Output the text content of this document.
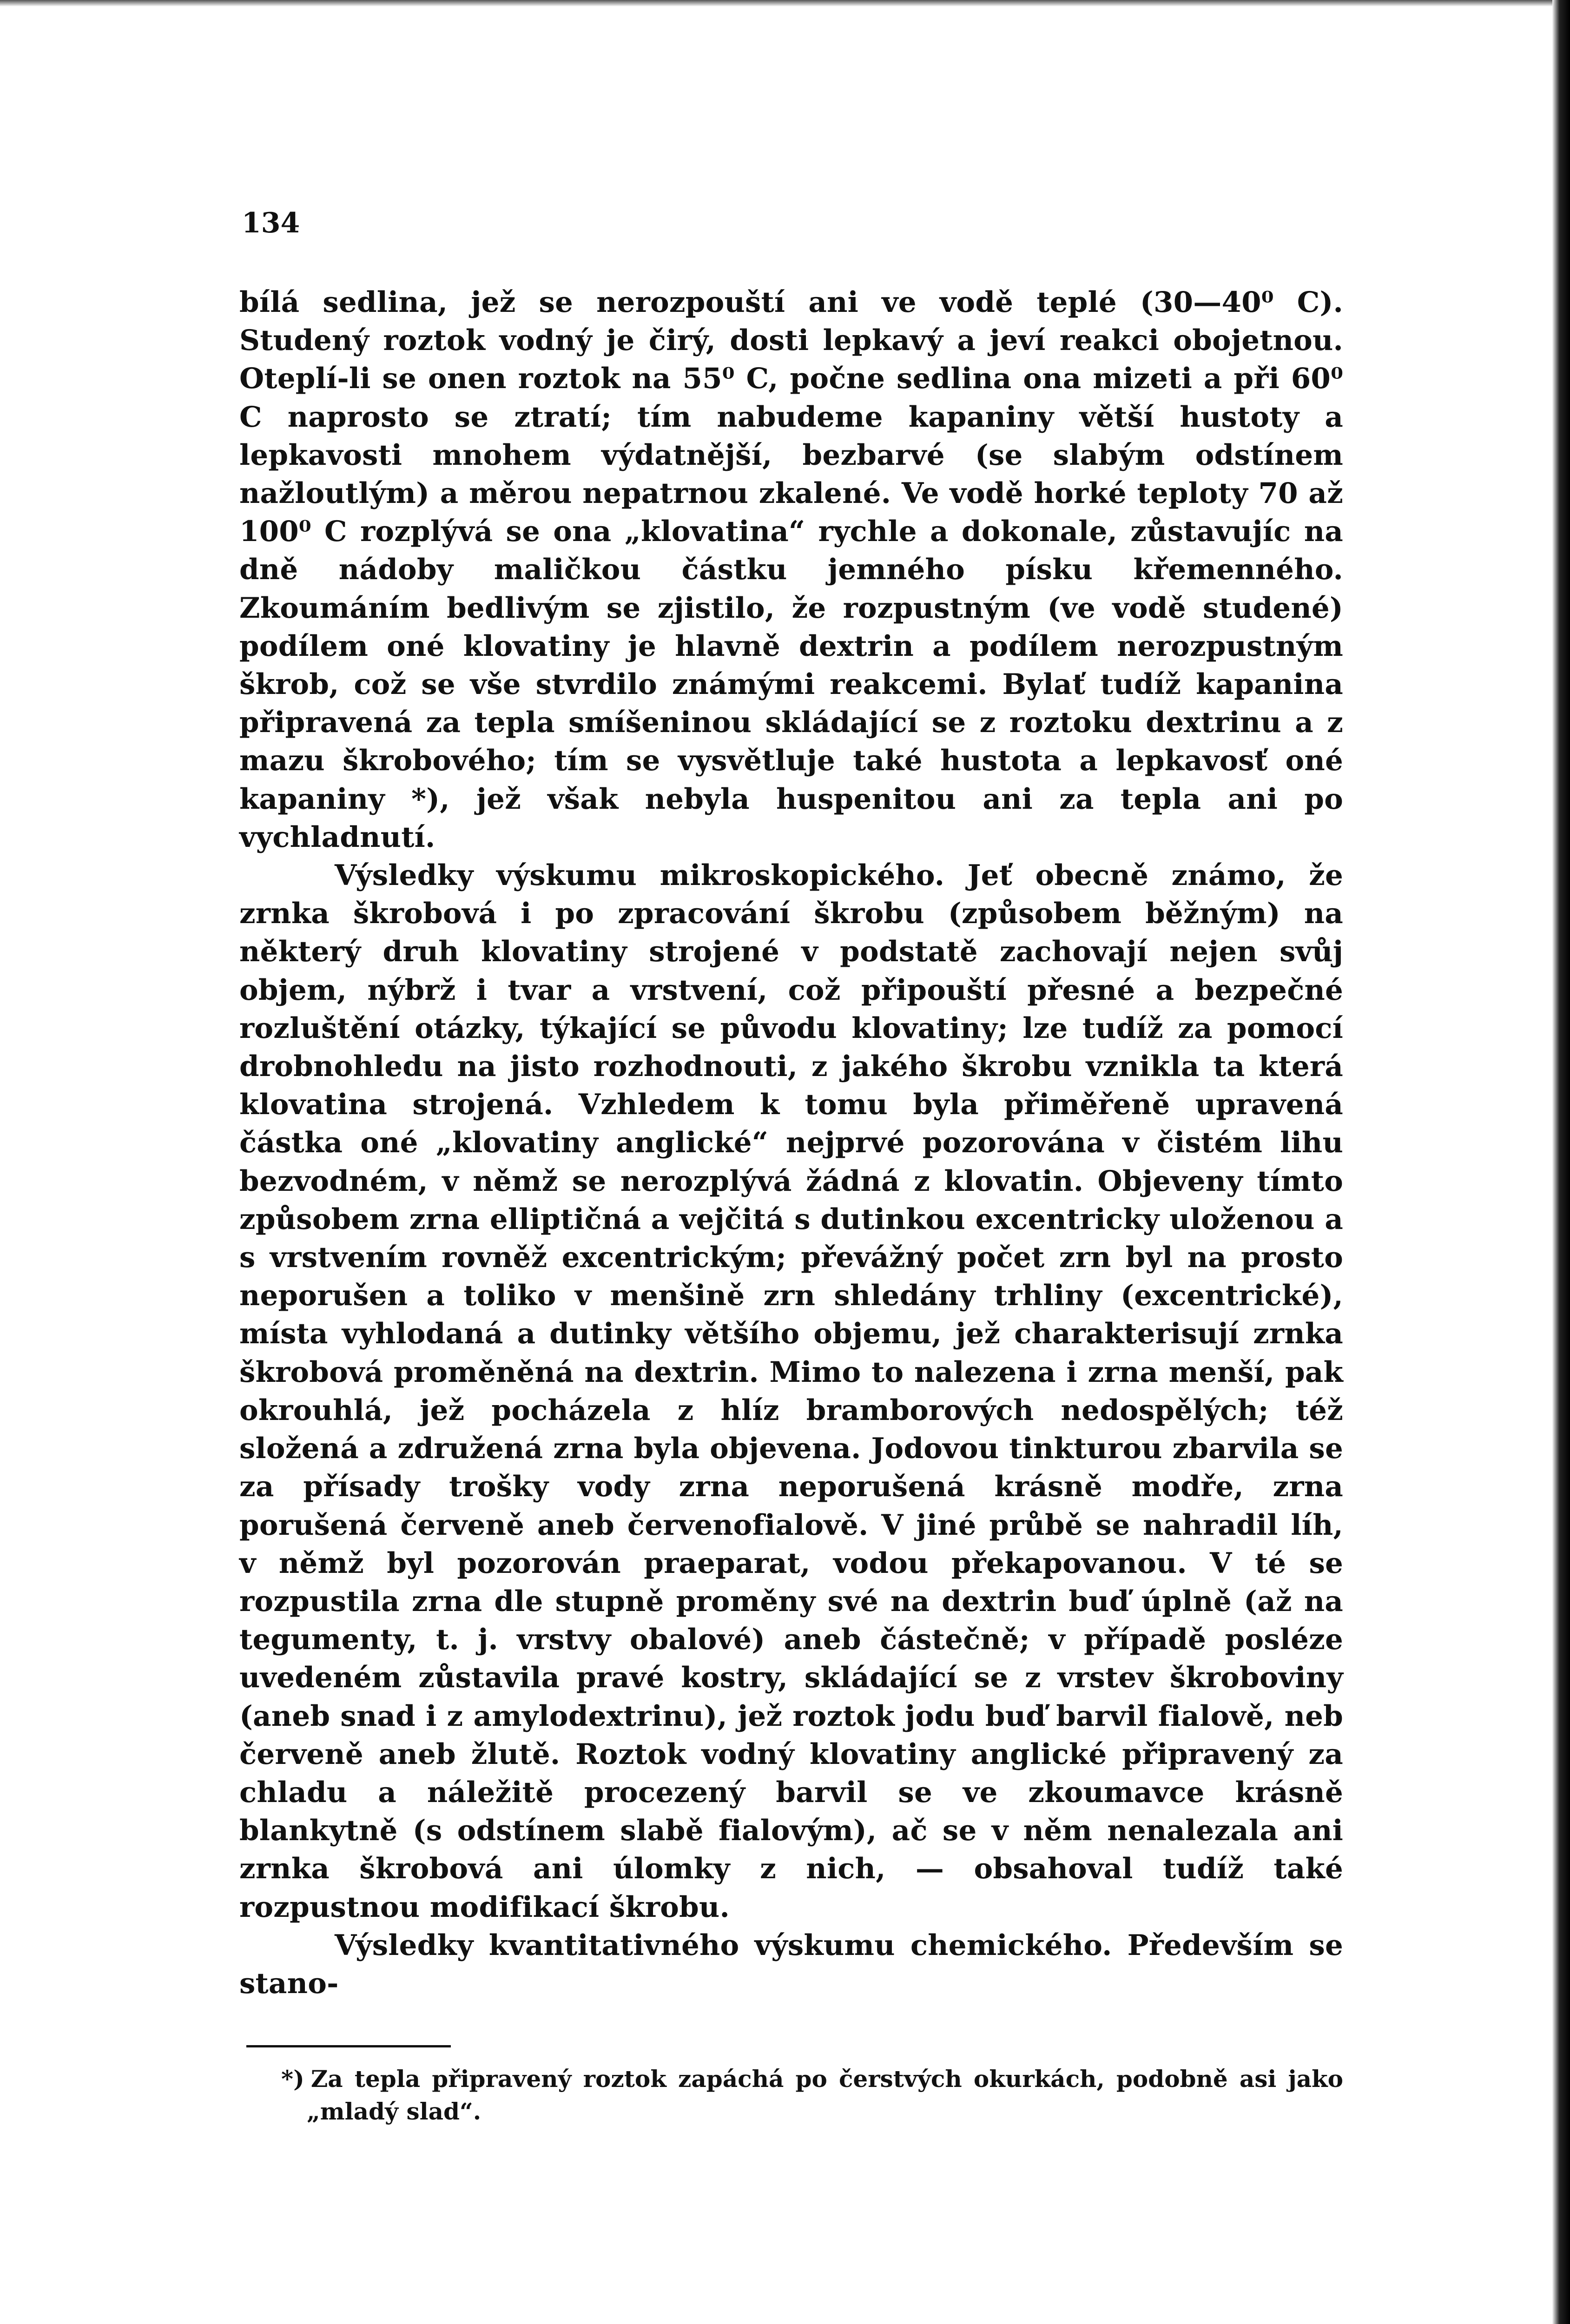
134

bílá sedlina, jež se nerozpouští ani ve vodě teplé (30—40⁰ C). Studený roztok vodný je čirý, dosti lepkavý a jeví reakci obojetnou. Oteplí-li se onen roztok na 55⁰ C, počne sedlina ona mizeti a při 60⁰ C naprosto se ztratí; tím nabudeme kapaniny větší hustoty a lepkavosti mnohem výdatnější, bezbarvé (se slabým odstínem nažloutlým) a měrou nepatrnou zkalené. Ve vodě horké teploty 70 až 100⁰ C rozplývá se ona „klovatina“ rychle a dokonale, zůstavujíc na dně nádoby maličkou částku jemného písku křemenného. Zkoumáním bedlivým se zjistilo, že rozpustným (ve vodě studené) podílem oné klovatiny je hlavně dextrin a podílem nerozpustným škrob, což se vše stvrdilo známými reakcemi. Bylať tudíž kapanina připravená za tepla smíšeninou skládající se z roztoku dextrinu a z mazu škrobového; tím se vysvětluje také hustota a lepkavosť oné kapaniny *), jež však nebyla huspenitou ani za tepla ani po vychladnutí.

Výsledky výskumu mikroskopického. Jeť obecně známo, že zrnka škrobová i po zpracování škrobu (způsobem běžným) na některý druh klovatiny strojené v podstatě zachovají nejen svůj objem, nýbrž i tvar a vrstvení, což připouští přesné a bezpečné rozluštění otázky, týkající se původu klovatiny; lze tudíž za pomocí drobnohledu na jisto rozhodnouti, z jakého škrobu vznikla ta která klovatina strojená. Vzhledem k tomu byla přiměřeně upravená částka oné „klovatiny anglické“ nejprvé pozorována v čistém lihu bezvodném, v němž se nerozplývá žádná z klovatin. Objeveny tímto způsobem zrna elliptičná a vejčitá s dutinkou excentricky uloženou a s vrstvením rovněž excentrickým; převážný počet zrn byl na prosto neporušen a toliko v menšině zrn shledány trhliny (excentrické), místa vyhlodaná a dutinky většího objemu, jež charakterisují zrnka škrobová proměněná na dextrin. Mimo to nalezena i zrna menší, pak okrouhlá, jež pocházela z hlíz bramborových nedospělých; též složená a združená zrna byla objevena. Jodovou tinkturou zbarvila se za přísady trošky vody zrna neporušená krásně modře, zrna porušená červeně aneb červenofialově. V jiné průbě se nahradil líh, v němž byl pozorován praeparat, vodou překapovanou. V té se rozpustila zrna dle stupně proměny své na dextrin buď úplně (až na tegumenty, t. j. vrstvy obalové) aneb částečně; v případě posléze uvedeném zůstavila pravé kostry, skládající se z vrstev škroboviny (aneb snad i z amylodextrinu), jež roztok jodu buď barvil fialově, neb červeně aneb žlutě. Roztok vodný klovatiny anglické připravený za chladu a náležitě procezený barvil se ve zkoumavce krásně blankytně (s odstínem slabě fialovým), ač se v něm nenalezala ani zrnka škrobová ani úlomky z nich, — obsahoval tudíž také rozpustnou modifikací škrobu.

Výsledky kvantitativného výskumu chemického. Především se stano-

*) Za tepla připravený roztok zapáchá po čerstvých okurkách, podobně asi jako „mladý slad“.
